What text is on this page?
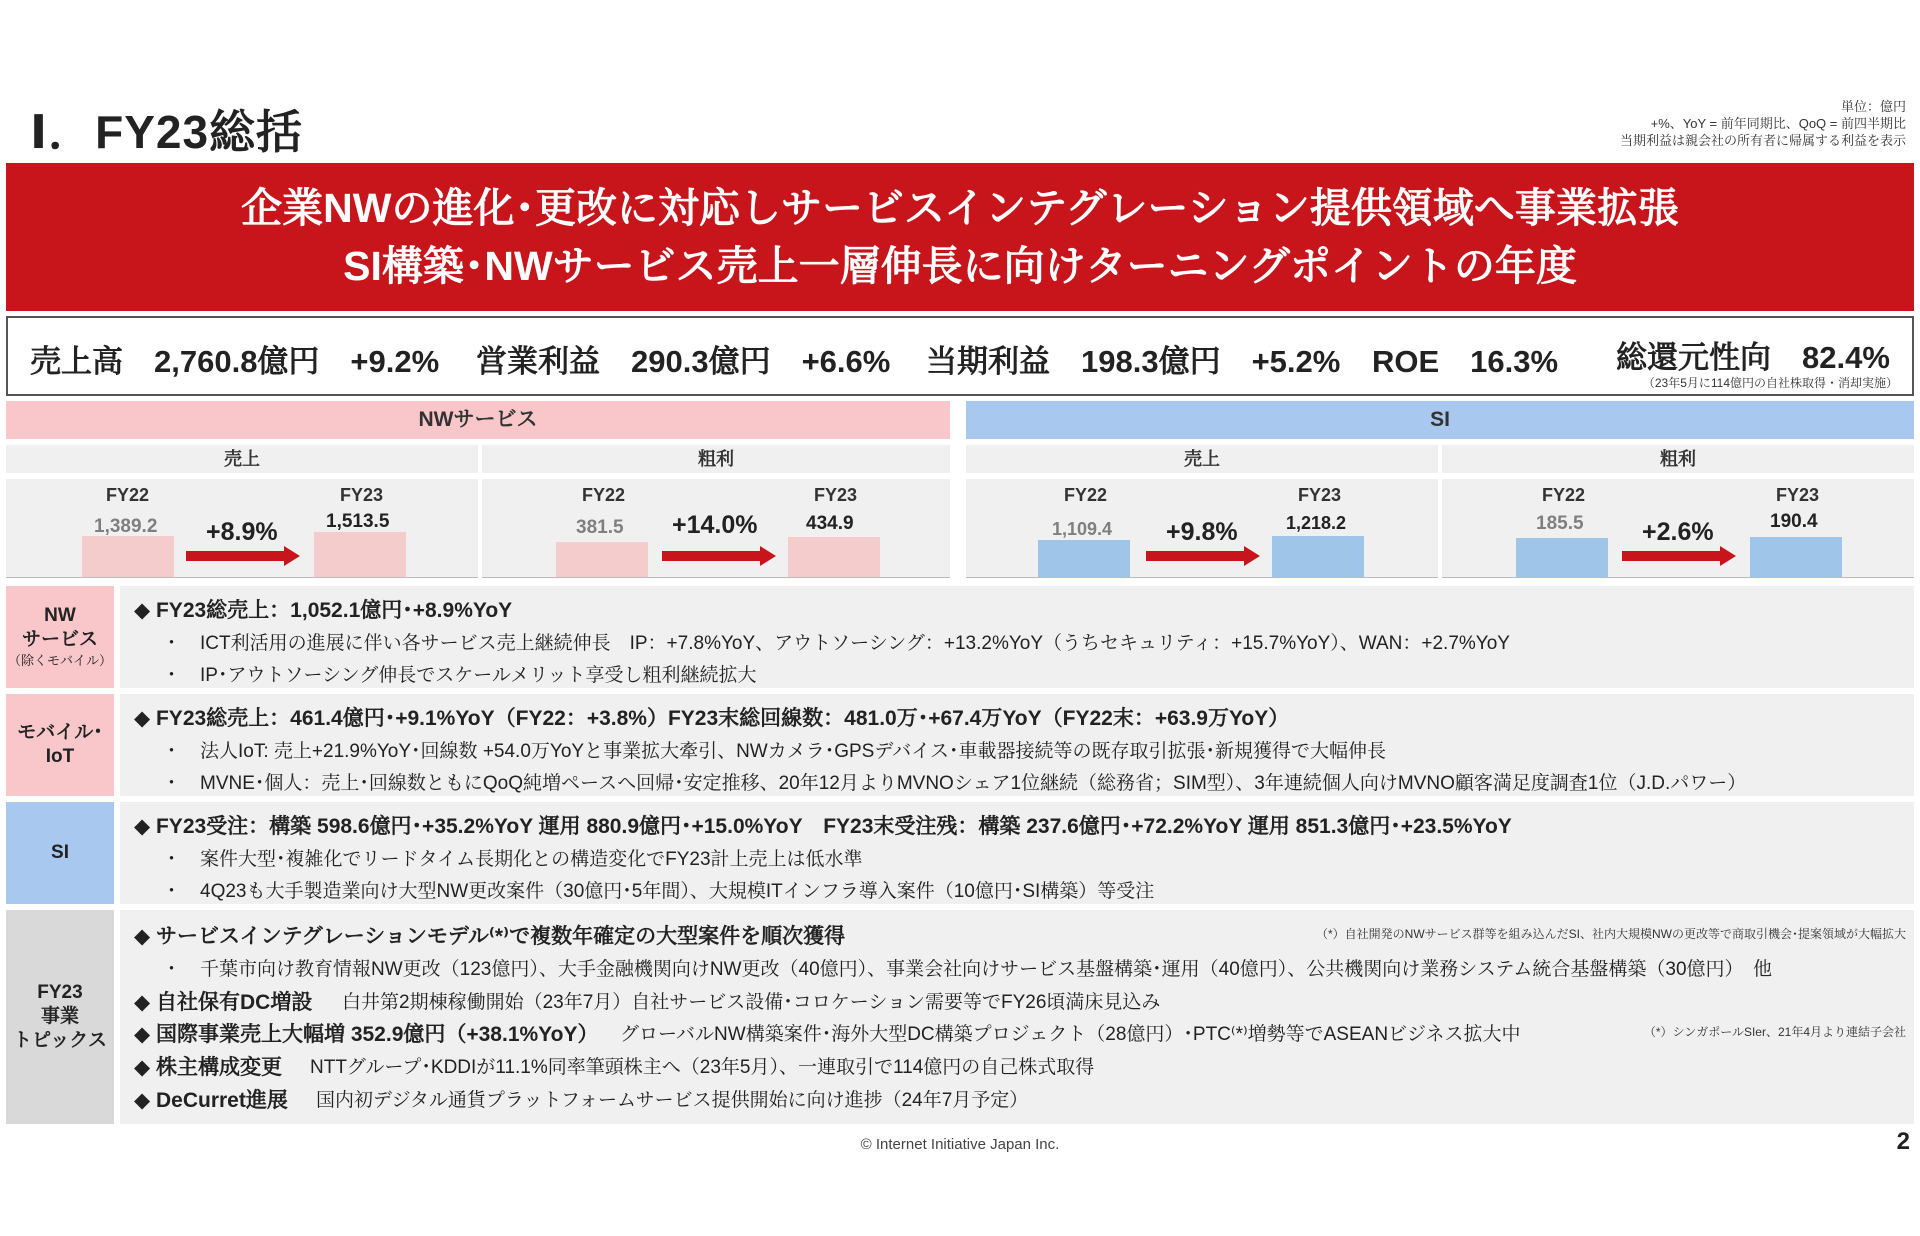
Ⅰ．FY23総括	単位：億円
+%、YoY = 前年同期比、QoQ = 前四半期比
当期利益は親会社の所有者に帰属する利益を表示
企業NWの進化･更改に対応しサービスインテグレーション提供領域へ事業拡張
SI構築･NWサービス売上一層伸長に向けターニングポイントの年度
売上高　2,760.8億円　+9.2% 営業利益　290.3億円　+6.6% 当期利益　198.3億円　+5.2% ROE　16.3% 総還元性向　82.4%
（23年5月に114億円の自社株取得・消却実施）
NWサービス	SI
売上	粗利	売上	粗利
FY22	FY23
1,389.2	1,513.5
+8.9%
FY22	FY23
381.5	434.9
+14.0%
FY22	FY23
1,109.4	1,218.2
+9.8%
FY22	FY23
185.5	190.4
+2.6%
NW
サービス
（除くモバイル）
◆ FY23総売上：1,052.1億円･+8.9%YoY
・　ICT利活用の進展に伴い各サービス売上継続伸長　IP：+7.8%YoY、アウトソーシング：+13.2%YoY（うちセキュリティ：+15.7%YoY）、WAN：+2.7%YoY
・　IP･アウトソーシング伸長でスケールメリット享受し粗利継続拡大
モバイル･
IoT
◆ FY23総売上：461.4億円･+9.1%YoY（FY22：+3.8%）FY23末総回線数：481.0万･+67.4万YoY（FY22末：+63.9万YoY）
・　法人IoT: 売上+21.9%YoY･回線数 +54.0万YoYと事業拡大牽引、NWカメラ･GPSデバイス･車載器接続等の既存取引拡張･新規獲得で大幅伸長
・　MVNE･個人：売上･回線数ともにQoQ純増ペースへ回帰･安定推移、20年12月よりMVNOシェア1位継続（総務省；SIM型）、3年連続個人向けMVNO顧客満足度調査1位（J.D.パワー）
SI
◆ FY23受注：構築 598.6億円･+35.2%YoY 運用 880.9億円･+15.0%YoY　FY23末受注残：構築 237.6億円･+72.2%YoY 運用 851.3億円･+23.5%YoY
・　案件大型･複雑化でリードタイム長期化との構造変化でFY23計上売上は低水準
・　4Q23も大手製造業向け大型NW更改案件（30億円･5年間）、大規模ITインフラ導入案件（10億円･SI構築）等受注
FY23
事業
トピックス
◆ サービスインテグレーションモデル⁽*⁾で複数年確定の大型案件を順次獲得	（*）自社開発のNWサービス群等を組み込んだSI、社内大規模NWの更改等で商取引機会･提案領域が大幅拡大
・　千葉市向け教育情報NW更改（123億円）、大手金融機関向けNW更改（40億円）、事業会社向けサービス基盤構築･運用（40億円）、公共機関向け業務システム統合基盤構築（30億円）　他
◆ 自社保有DC増設 白井第2期棟稼働開始（23年7月）自社サービス設備･コロケーション需要等でFY26頃満床見込み
◆ 国際事業売上大幅増 352.9億円（+38.1%YoY） グローバルNW構築案件･海外大型DC構築プロジェクト（28億円）･PTC⁽*⁾増勢等でASEANビジネス拡大中	（*）シンガポールSIer、21年4月より連結子会社
◆ 株主構成変更 NTTグループ･KDDIが11.1%同率筆頭株主へ（23年5月）、一連取引で114億円の自己株式取得
◆ DeCurret進展 国内初デジタル通貨プラットフォームサービス提供開始に向け進捗（24年7月予定）
© Internet Initiative Japan Inc.	2
